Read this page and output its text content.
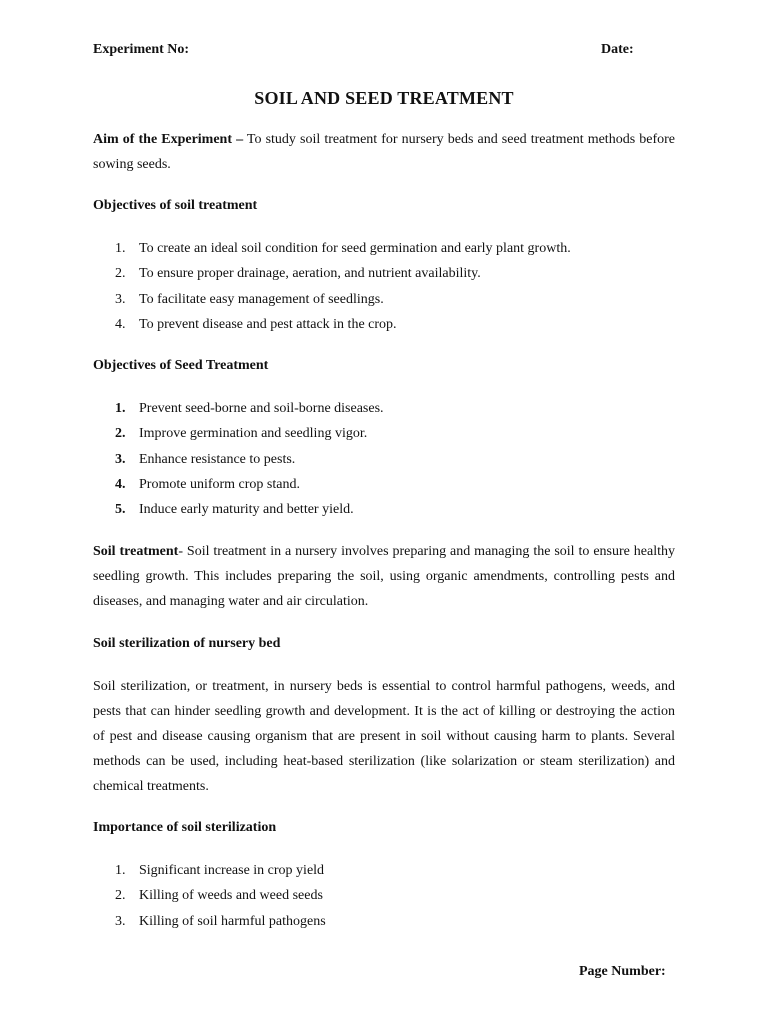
Experiment No:	Date:
SOIL AND SEED TREATMENT
Aim of the Experiment – To study soil treatment for nursery beds and seed treatment methods before sowing seeds.
Objectives of soil treatment
1. To create an ideal soil condition for seed germination and early plant growth.
2. To ensure proper drainage, aeration, and nutrient availability.
3. To facilitate easy management of seedlings.
4. To prevent disease and pest attack in the crop.
Objectives of Seed Treatment
1. Prevent seed-borne and soil-borne diseases.
2. Improve germination and seedling vigor.
3. Enhance resistance to pests.
4. Promote uniform crop stand.
5. Induce early maturity and better yield.
Soil treatment- Soil treatment in a nursery involves preparing and managing the soil to ensure healthy seedling growth. This includes preparing the soil, using organic amendments, controlling pests and diseases, and managing water and air circulation.
Soil sterilization of nursery bed
Soil sterilization, or treatment, in nursery beds is essential to control harmful pathogens, weeds, and pests that can hinder seedling growth and development. It is the act of killing or destroying the action of pest and disease causing organism that are present in soil without causing harm to plants. Several methods can be used, including heat-based sterilization (like solarization or steam sterilization) and chemical treatments.
Importance of soil sterilization
1. Significant increase in crop yield
2. Killing of weeds and weed seeds
3. Killing of soil harmful pathogens
Page Number:
